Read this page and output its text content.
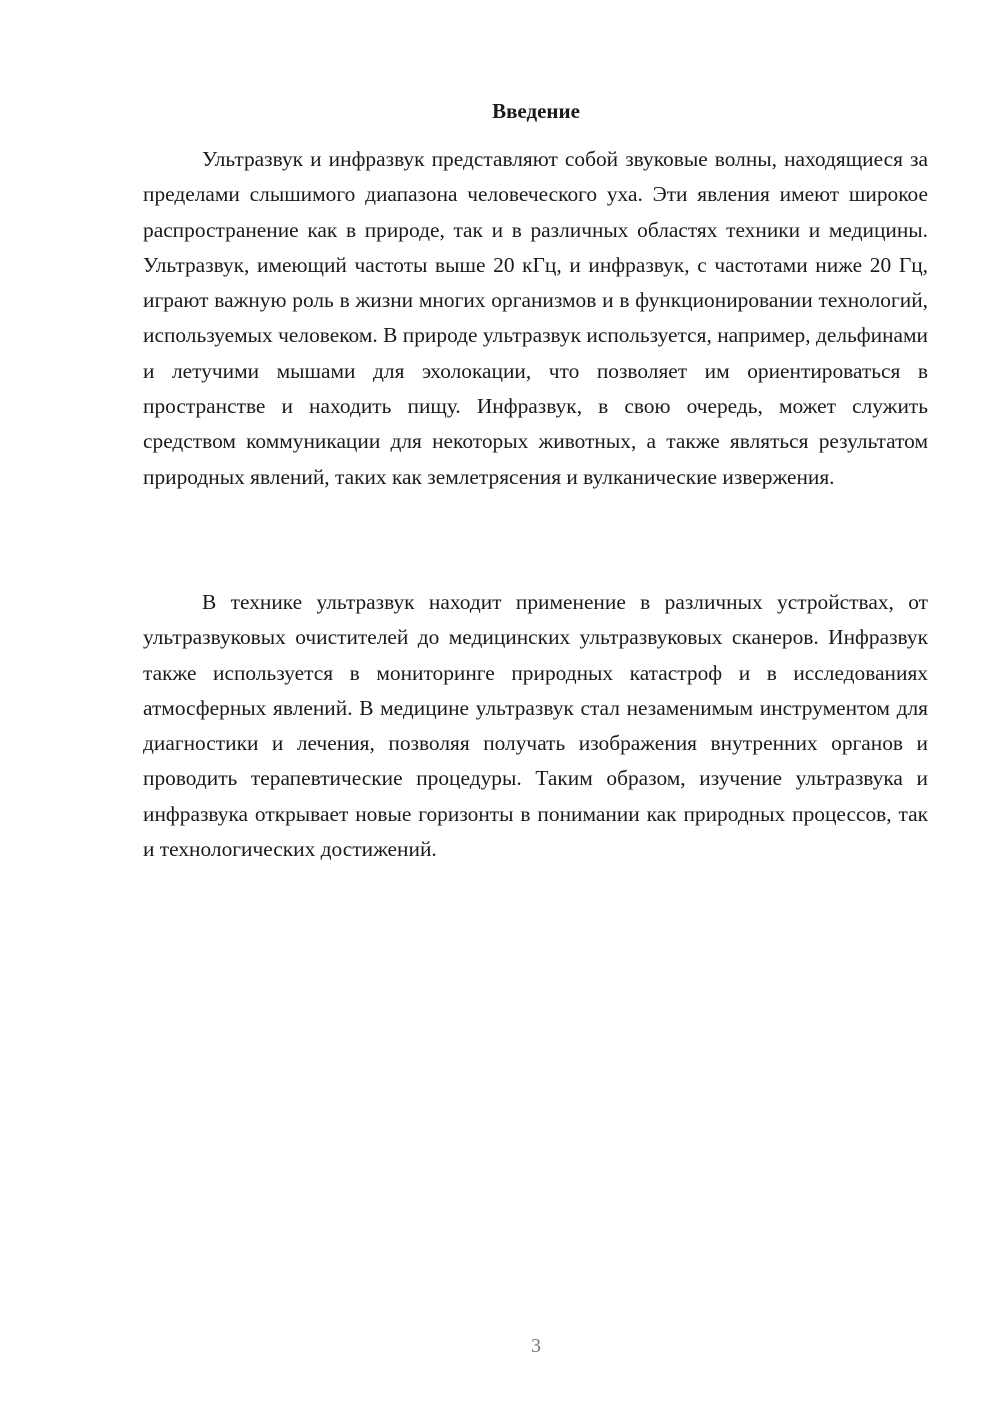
Введение

Ультразвук и инфразвук представляют собой звуковые волны, находящиеся за пределами слышимого диапазона человеческого уха. Эти явления имеют широкое распространение как в природе, так и в различных областях техники и медицины. Ультразвук, имеющий частоты выше 20 кГц, и инфразвук, с частотами ниже 20 Гц, играют важную роль в жизни многих организмов и в функционировании технологий, используемых человеком. В природе ультразвук используется, например, дельфинами и летучими мышами для эхолокации, что позволяет им ориентироваться в пространстве и находить пищу. Инфразвук, в свою очередь, может служить средством коммуникации для некоторых животных, а также являться результатом природных явлений, таких как землетрясения и вулканические извержения.

В технике ультразвук находит применение в различных устройствах, от ультразвуковых очистителей до медицинских ультразвуковых сканеров. Инфразвук также используется в мониторинге природных катастроф и в исследованиях атмосферных явлений. В медицине ультразвук стал незаменимым инструментом для диагностики и лечения, позволяя получать изображения внутренних органов и проводить терапевтические процедуры. Таким образом, изучение ультразвука и инфразвука открывает новые горизонты в понимании как природных процессов, так и технологических достижений.

3
